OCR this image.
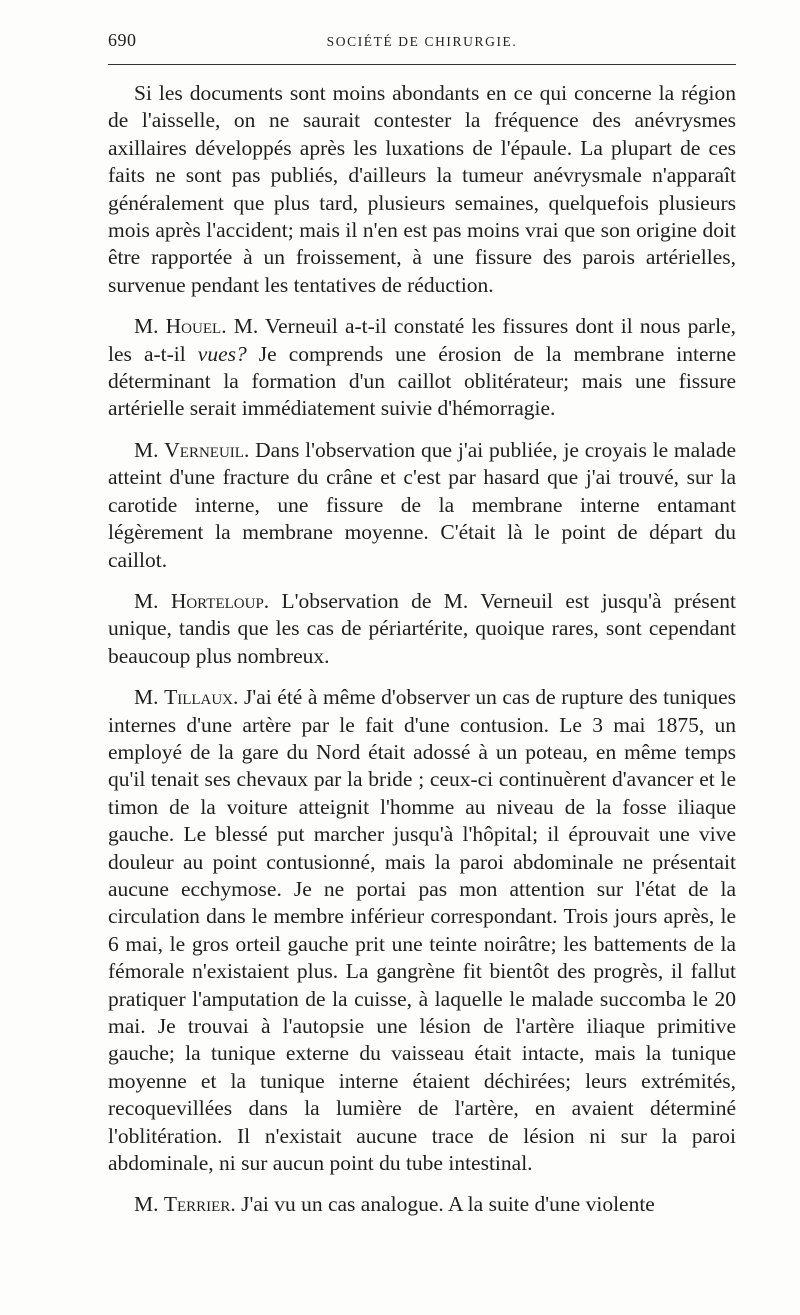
690	SOCIÉTÉ DE CHIRURGIE.

Si les documents sont moins abondants en ce qui concerne la région de l'aisselle, on ne saurait contester la fréquence des anévrysmes axillaires développés après les luxations de l'épaule. La plupart de ces faits ne sont pas publiés, d'ailleurs la tumeur anévrysmale n'apparaît généralement que plus tard, plusieurs semaines, quelquefois plusieurs mois après l'accident; mais il n'en est pas moins vrai que son origine doit être rapportée à un froissement, à une fissure des parois artérielles, survenue pendant les tentatives de réduction.

M. Houel. M. Verneuil a-t-il constaté les fissures dont il nous parle, les a-t-il vues? Je comprends une érosion de la membrane interne déterminant la formation d'un caillot oblitérateur; mais une fissure artérielle serait immédiatement suivie d'hémorragie.

M. Verneuil. Dans l'observation que j'ai publiée, je croyais le malade atteint d'une fracture du crâne et c'est par hasard que j'ai trouvé, sur la carotide interne, une fissure de la membrane interne entamant légèrement la membrane moyenne. C'était là le point de départ du caillot.

M. Horteloup. L'observation de M. Verneuil est jusqu'à présent unique, tandis que les cas de périartérite, quoique rares, sont cependant beaucoup plus nombreux.

M. Tillaux. J'ai été à même d'observer un cas de rupture des tuniques internes d'une artère par le fait d'une contusion. Le 3 mai 1875, un employé de la gare du Nord était adossé à un poteau, en même temps qu'il tenait ses chevaux par la bride ; ceux-ci continuèrent d'avancer et le timon de la voiture atteignit l'homme au niveau de la fosse iliaque gauche. Le blessé put marcher jusqu'à l'hôpital; il éprouvait une vive douleur au point contusionné, mais la paroi abdominale ne présentait aucune ecchymose. Je ne portai pas mon attention sur l'état de la circulation dans le membre inférieur correspondant. Trois jours après, le 6 mai, le gros orteil gauche prit une teinte noirâtre; les battements de la fémorale n'existaient plus. La gangrène fit bientôt des progrès, il fallut pratiquer l'amputation de la cuisse, à laquelle le malade succomba le 20 mai. Je trouvai à l'autopsie une lésion de l'artère iliaque primitive gauche; la tunique externe du vaisseau était intacte, mais la tunique moyenne et la tunique interne étaient déchirées; leurs extrémités, recoquevillées dans la lumière de l'artère, en avaient déterminé l'oblitération. Il n'existait aucune trace de lésion ni sur la paroi abdominale, ni sur aucun point du tube intestinal.

M. Terrier. J'ai vu un cas analogue. A la suite d'une violente
